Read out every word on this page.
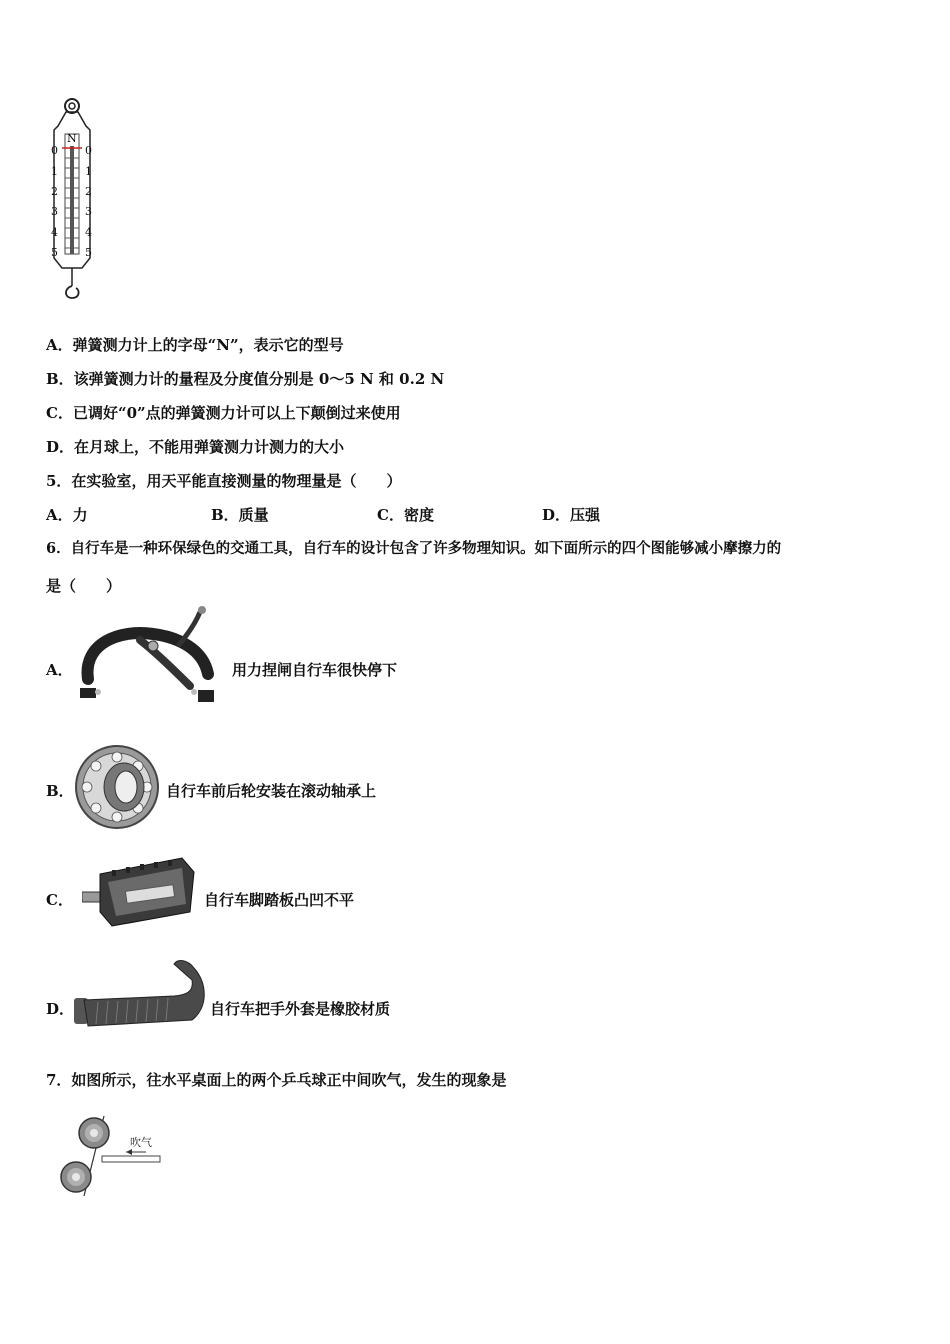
N
0
1
2
3
4
5
0
1
2
3
4
5
A．弹簧测力计上的字母“N”，表示它的型号
B．该弹簧测力计的量程及分度值分别是 0～5 N 和 0.2 N
C．已调好“0”点的弹簧测力计可以上下颠倒过来使用
D．在月球上，不能用弹簧测力计测力的大小
5．在实验室，用天平能直接测量的物理量是（　　）
A．力	B．质量	C．密度	D．压强
6．自行车是一种环保绿色的交通工具，自行车的设计包含了许多物理知识。如下面所示的四个图能够减小摩擦力的
是（　　）
A．	用力捏闸自行车很快停下
B．	自行车前后轮安装在滚动轴承上
C．	自行车脚踏板凸凹不平
D．	自行车把手外套是橡胶材质
7．如图所示，往水平桌面上的两个乒乓球正中间吹气，发生的现象是
吹气
